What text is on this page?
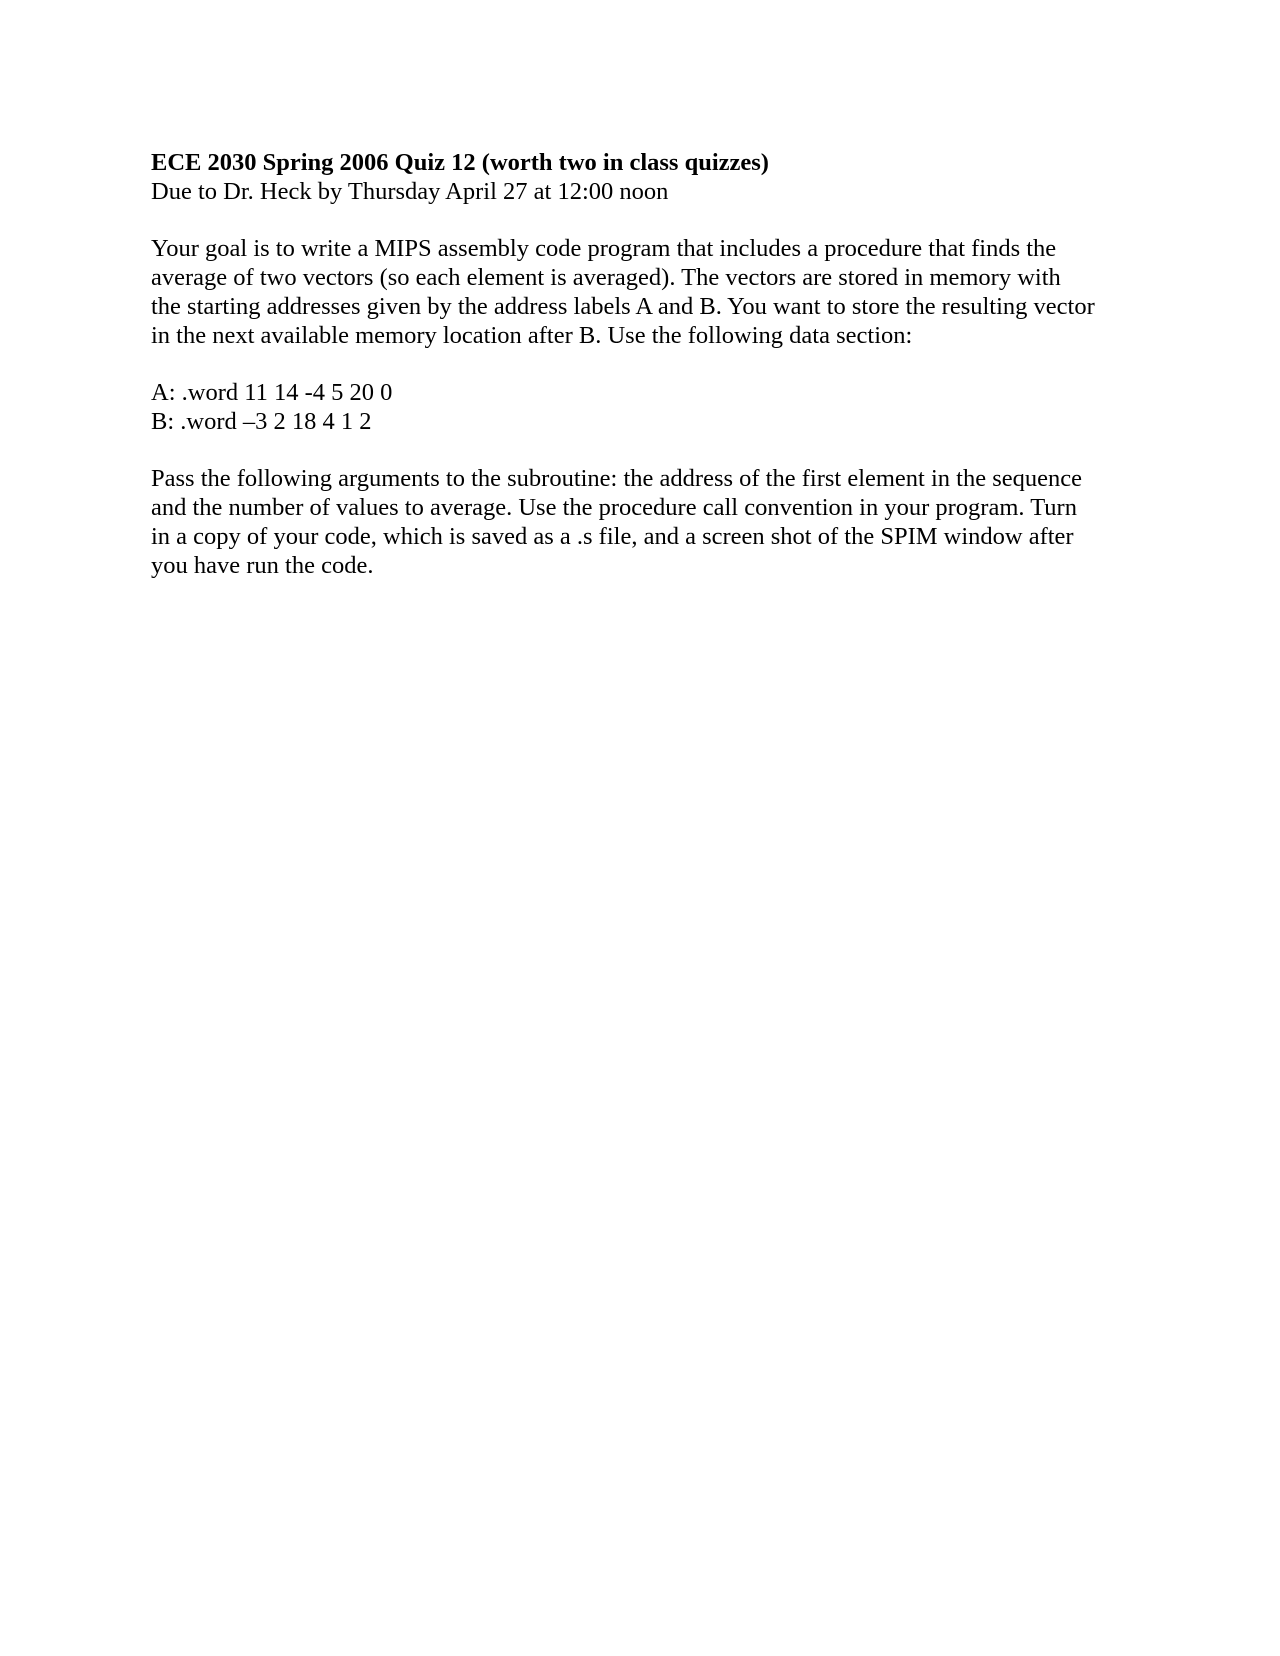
ECE 2030 Spring 2006 Quiz 12 (worth two in class quizzes)
Due to Dr. Heck by Thursday April 27 at 12:00 noon
Your goal is to write a MIPS assembly code program that includes a procedure that finds the
average of two vectors (so each element is averaged). The vectors are stored in memory with
the starting addresses given by the address labels A and B. You want to store the resulting vector
in the next available memory location after B. Use the following data section:
A: .word 11 14 -4 5 20 0
B: .word –3 2 18 4 1 2
Pass the following arguments to the subroutine: the address of the first element in the sequence
and the number of values to average. Use the procedure call convention in your program. Turn
in a copy of your code, which is saved as a .s file, and a screen shot of the SPIM window after
you have run the code.
